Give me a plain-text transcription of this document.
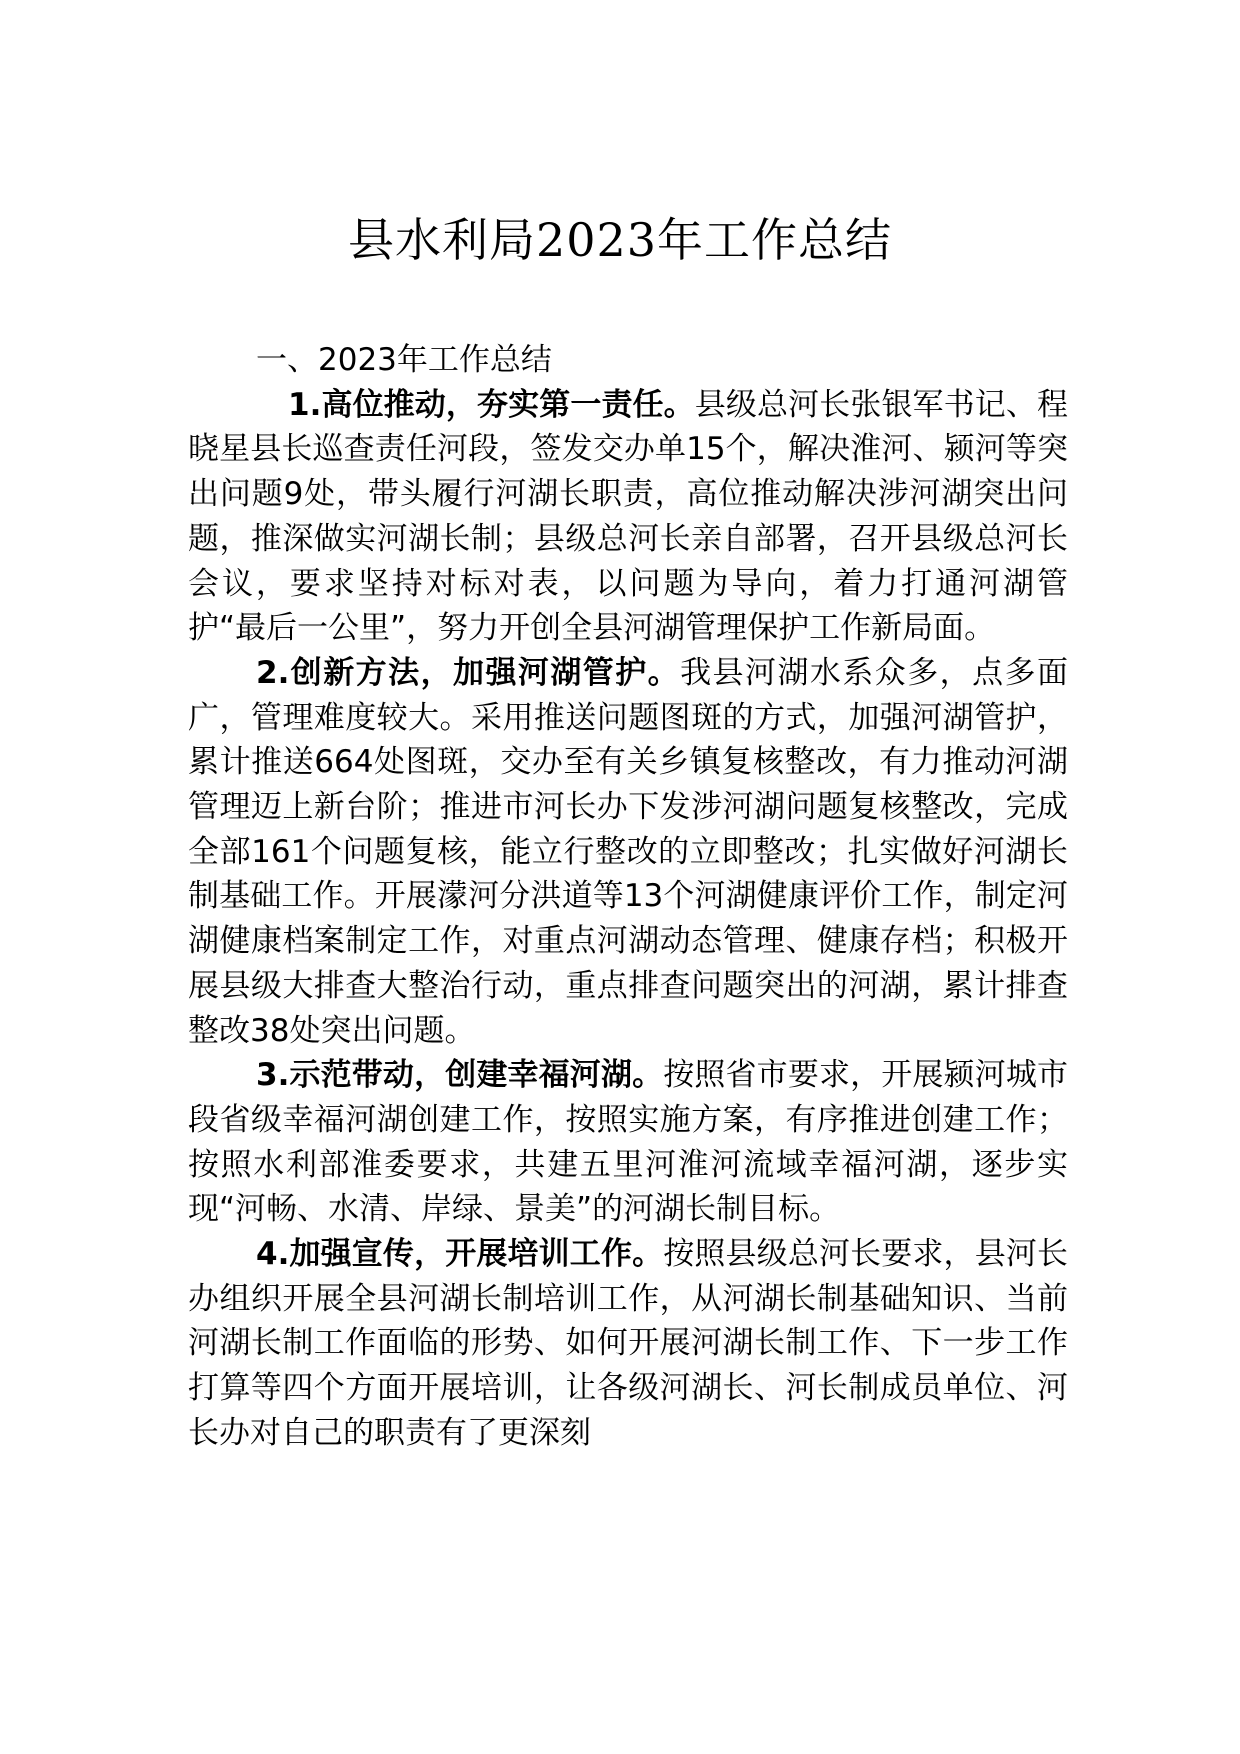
县水利局2023年工作总结

一、2023年工作总结

1.高位推动，夯实第一责任。县级总河长张银军书记、程晓星县长巡查责任河段，签发交办单15个，解决淮河、颍河等突出问题9处，带头履行河湖长职责，高位推动解决涉河湖突出问题，推深做实河湖长制；县级总河长亲自部署，召开县级总河长会议，要求坚持对标对表，以问题为导向，着力打通河湖管护“最后一公里”，努力开创全县河湖管理保护工作新局面。

2.创新方法，加强河湖管护。我县河湖水系众多，点多面广，管理难度较大。采用推送问题图斑的方式，加强河湖管护，累计推送664处图斑，交办至有关乡镇复核整改，有力推动河湖管理迈上新台阶；推进市河长办下发涉河湖问题复核整改，完成全部161个问题复核，能立行整改的立即整改；扎实做好河湖长制基础工作。开展濛河分洪道等13个河湖健康评价工作，制定河湖健康档案制定工作，对重点河湖动态管理、健康存档；积极开展县级大排查大整治行动，重点排查问题突出的河湖，累计排查整改38处突出问题。

3.示范带动，创建幸福河湖。按照省市要求，开展颍河城市段省级幸福河湖创建工作，按照实施方案，有序推进创建工作；按照水利部淮委要求，共建五里河淮河流域幸福河湖，逐步实现“河畅、水清、岸绿、景美”的河湖长制目标。

4.加强宣传，开展培训工作。按照县级总河长要求，县河长办组织开展全县河湖长制培训工作，从河湖长制基础知识、当前河湖长制工作面临的形势、如何开展河湖长制工作、下一步工作打算等四个方面开展培训，让各级河湖长、河长制成员单位、河长办对自己的职责有了更深刻
